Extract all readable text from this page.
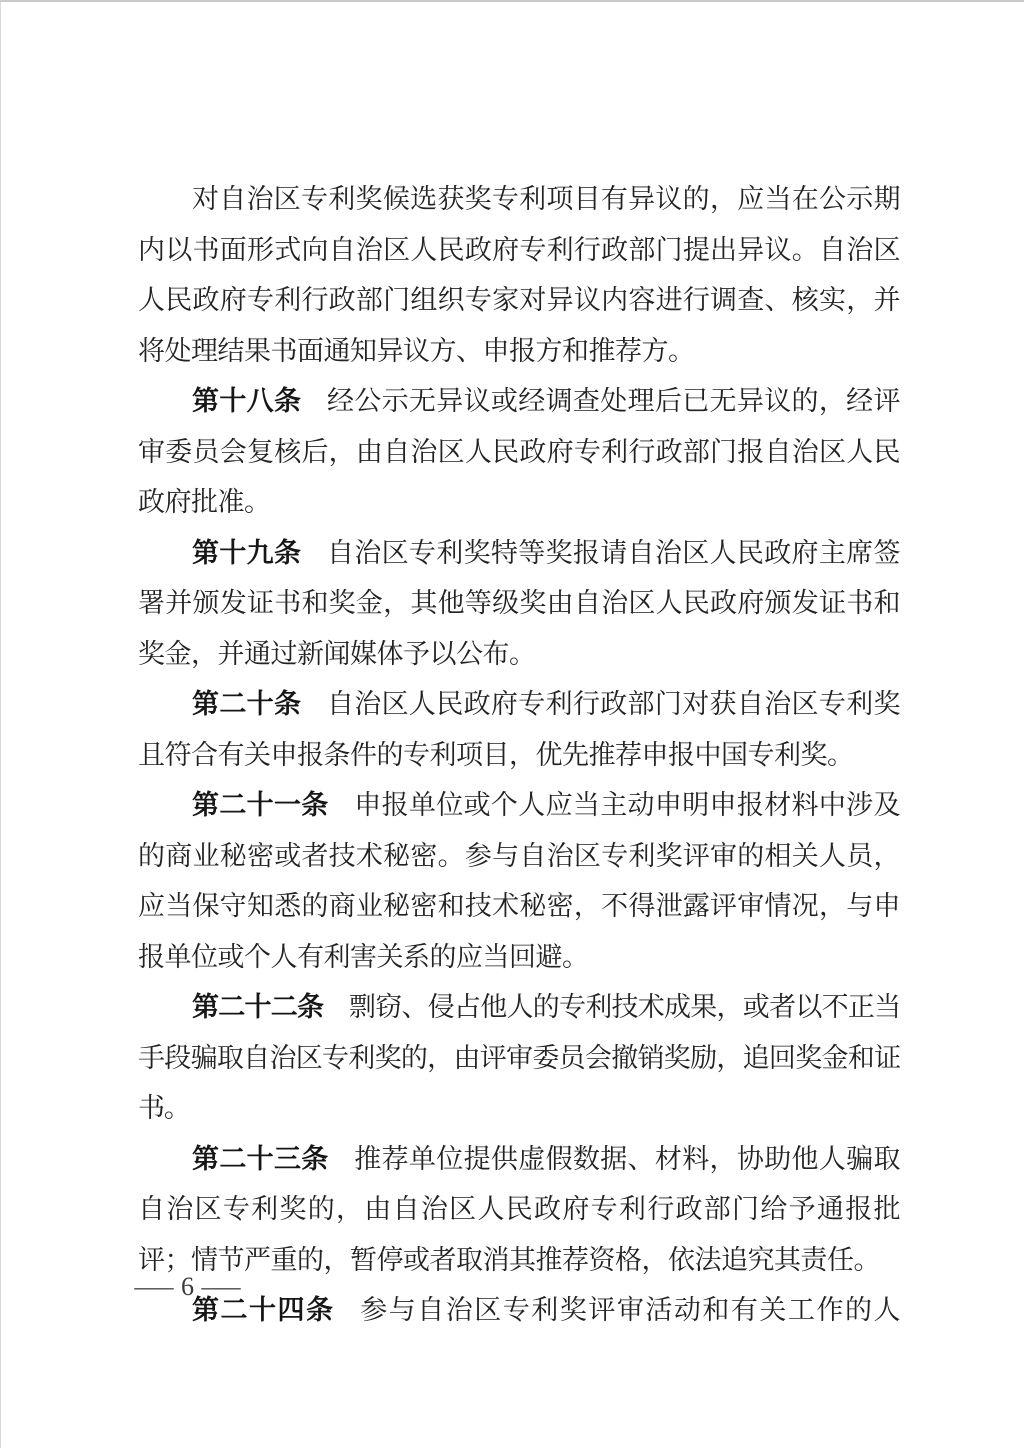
对自治区专利奖候选获奖专利项目有异议的，应当在公示期内以书面形式向自治区人民政府专利行政部门提出异议。自治区人民政府专利行政部门组织专家对异议内容进行调查、核实，并将处理结果书面通知异议方、申报方和推荐方。

第十八条 经公示无异议或经调查处理后已无异议的，经评审委员会复核后，由自治区人民政府专利行政部门报自治区人民政府批准。

第十九条 自治区专利奖特等奖报请自治区人民政府主席签署并颁发证书和奖金，其他等级奖由自治区人民政府颁发证书和奖金，并通过新闻媒体予以公布。

第二十条 自治区人民政府专利行政部门对获自治区专利奖且符合有关申报条件的专利项目，优先推荐申报中国专利奖。

第二十一条 申报单位或个人应当主动申明申报材料中涉及的商业秘密或者技术秘密。参与自治区专利奖评审的相关人员，应当保守知悉的商业秘密和技术秘密，不得泄露评审情况，与申报单位或个人有利害关系的应当回避。

第二十二条 剽窃、侵占他人的专利技术成果，或者以不正当手段骗取自治区专利奖的，由评审委员会撤销奖励，追回奖金和证书。

第二十三条 推荐单位提供虚假数据、材料，协助他人骗取自治区专利奖的，由自治区人民政府专利行政部门给予通报批评；情节严重的，暂停或者取消其推荐资格，依法追究其责任。

第二十四条 参与自治区专利奖评审活动和有关工作的人

— 6 —
